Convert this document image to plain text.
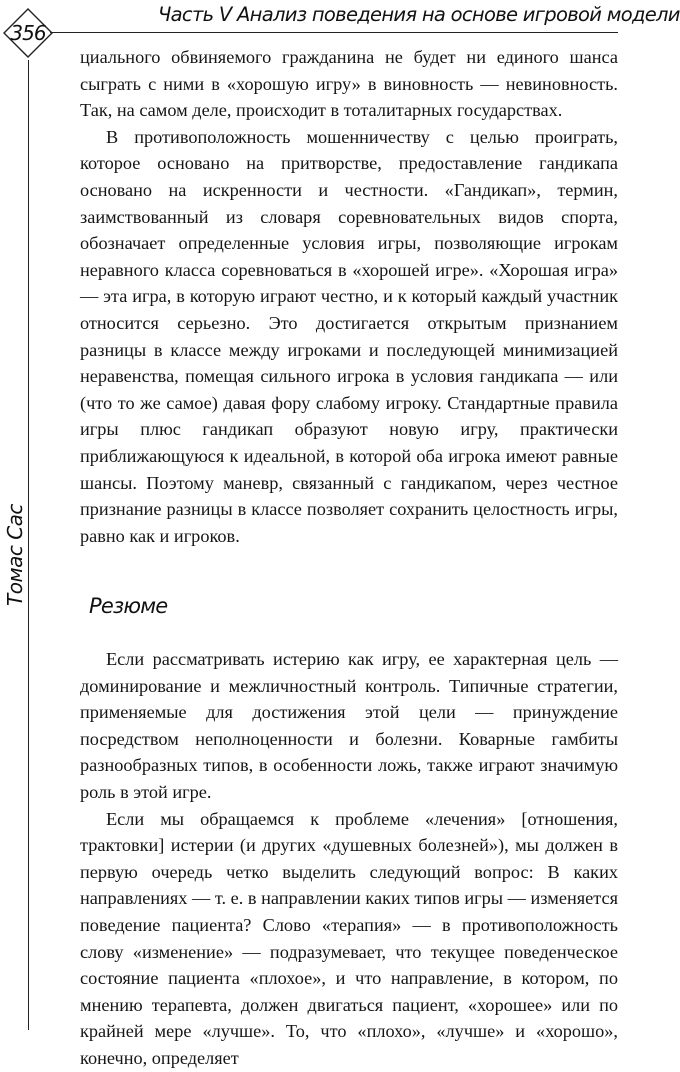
356
Часть V Анализ поведения на основе игровой модели
Томас Сас

циального обвиняемого гражданина не будет ни единого шанса сыграть с ними в «хорошую игру» в виновность — невиновность. Так, на самом деле, происходит в тоталитарных государствах.

В противоположность мошенничеству с целью проиграть, которое основано на притворстве, предоставление гандикапа основано на искренности и честности. «Гандикап», термин, заимствованный из словаря соревновательных видов спорта, обозначает определенные условия игры, позволяющие игрокам неравного класса соревноваться в «хорошей игре». «Хорошая игра» — эта игра, в которую играют честно, и к который каждый участник относится серьезно. Это достигается открытым признанием разницы в классе между игроками и последующей минимизацией неравенства, помещая сильного игрока в условия гандикапа — или (что то же самое) давая фору слабому игроку. Стандартные правила игры плюс гандикап образуют новую игру, практически приближающуюся к идеальной, в которой оба игрока имеют равные шансы. Поэтому маневр, связанный с гандикапом, через честное признание разницы в классе позволяет сохранить целостность игры, равно как и игроков.

Резюме

Если рассматривать истерию как игру, ее характерная цель — доминирование и межличностный контроль. Типичные стратегии, применяемые для достижения этой цели — принуждение посредством неполноценности и болезни. Коварные гамбиты разнообразных типов, в особенности ложь, также играют значимую роль в этой игре.

Если мы обращаемся к проблеме «лечения» [отношения, трактовки] истерии (и других «душевных болезней»), мы должен в первую очередь четко выделить следующий вопрос: В каких направлениях — т. е. в направлении каких типов игры — изменяется поведение пациента? Слово «терапия» — в противоположность слову «изменение» — подразумевает, что текущее поведенческое состояние пациента «плохое», и что направление, в котором, по мнению терапевта, должен двигаться пациент, «хорошее» или по крайней мере «лучше». То, что «плохо», «лучше» и «хорошо», конечно, определяет
